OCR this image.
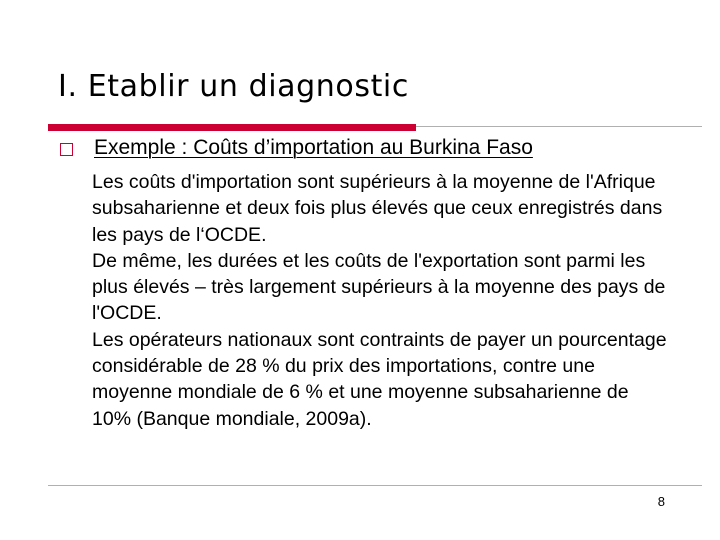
I. Etablir un diagnostic
Exemple : Coûts d’importation au Burkina Faso

Les coûts d'importation sont supérieurs à la moyenne de l'Afrique subsaharienne et deux fois plus élevés que ceux enregistrés dans les pays de l‘OCDE.

De même, les durées et les coûts de l'exportation sont parmi les plus élevés – très largement supérieurs à la moyenne des pays de l'OCDE.

Les opérateurs nationaux sont contraints de payer un pourcentage considérable de 28 % du prix des importations, contre une moyenne mondiale de 6 % et une moyenne subsaharienne de 10% (Banque mondiale, 2009a).

8
